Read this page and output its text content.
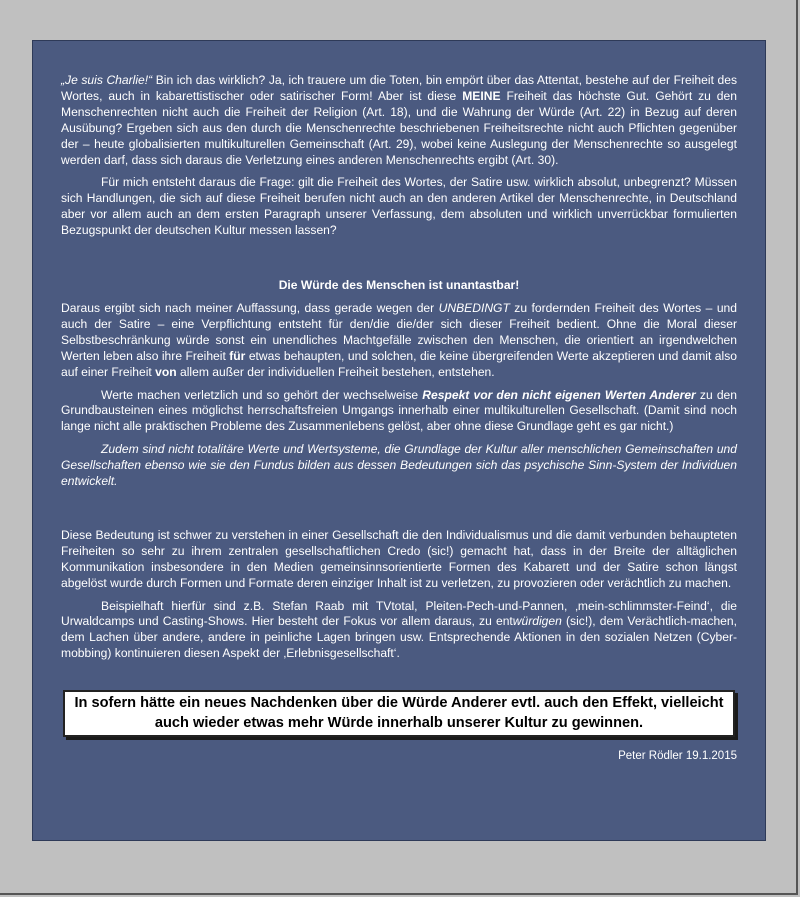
„Je suis Charlie!“ Bin ich das wirklich? Ja, ich trauere um die Toten, bin empört über das Attentat, bestehe auf der Freiheit des Wortes, auch in kabarettistischer oder satirischer Form! Aber ist diese MEINE Freiheit das höchste Gut. Gehört zu den Menschenrechten nicht auch die Freiheit der Religion (Art. 18), und die Wahrung der Würde (Art. 22) in Bezug auf deren Ausübung? Ergeben sich aus den durch die Menschenrechte beschriebenen Freiheitsrechte nicht auch Pflichten gegenüber der – heute globalisierten multikulturellen Gemeinschaft (Art. 29), wobei keine Auslegung der Menschenrechte so ausgelegt werden darf, dass sich daraus die Verletzung eines anderen Menschenrechts ergibt (Art. 30).

Für mich entsteht daraus die Frage: gilt die Freiheit des Wortes, der Satire usw. wirklich absolut, unbegrenzt? Müssen sich Handlungen, die sich auf diese Freiheit berufen nicht auch an den anderen Artikel der Menschenrechte, in Deutschland aber vor allem auch an dem ersten Paragraph unserer Verfassung, dem absoluten und wirklich unverrückbar formulierten Bezugspunkt der deutschen Kultur messen lassen?

Die Würde des Menschen ist unantastbar!

Daraus ergibt sich nach meiner Auffassung, dass gerade wegen der UNBEDINGT zu fordernden Freiheit des Wortes – und auch der Satire – eine Verpflichtung entsteht für den/die die/der sich dieser Freiheit bedient. Ohne die Moral dieser Selbstbeschränkung würde sonst ein unendliches Machtgefälle zwischen den Menschen, die orientiert an irgendwelchen Werten leben also ihre Freiheit für etwas behaupten, und solchen, die keine übergreifenden Werte akzeptieren und damit also auf einer Freiheit von allem außer der individuellen Freiheit bestehen, entstehen.

Werte machen verletzlich und so gehört der wechselweise Respekt vor den nicht eigenen Werten Anderer zu den Grundbausteinen eines möglichst herrschaftsfreien Umgangs innerhalb einer multikulturellen Gesellschaft. (Damit sind noch lange nicht alle praktischen Probleme des Zusammenlebens gelöst, aber ohne diese Grundlage geht es gar nicht.)

Zudem sind nicht totalitäre Werte und Wertsysteme, die Grundlage der Kultur aller menschlichen Gemeinschaften und Gesellschaften ebenso wie sie den Fundus bilden aus dessen Bedeutungen sich das psychische Sinn-System der Individuen entwickelt.

Diese Bedeutung ist schwer zu verstehen in einer Gesellschaft die den Individualismus und die damit verbunden behaupteten Freiheiten so sehr zu ihrem zentralen gesellschaftlichen Credo (sic!) gemacht hat, dass in der Breite der alltäglichen Kommunikation insbesondere in den Medien gemeinsinnsorientierte Formen des Kabarett und der Satire schon längst abgelöst wurde durch Formen und Formate deren einziger Inhalt ist zu verletzen, zu provozieren oder verächtlich zu machen.

Beispielhaft hierfür sind z.B. Stefan Raab mit TVtotal, Pleiten-Pech-und-Pannen, ‚mein-schlimmster-Feind‘, die Urwaldcamps und Casting-Shows. Hier besteht der Fokus vor allem daraus, zu entwürdigen (sic!), dem Verächtlich-machen, dem Lachen über andere, andere in peinliche Lagen bringen usw. Entsprechende Aktionen in den sozialen Netzen (Cyber-mobbing) kontinuieren diesen Aspekt der ‚Erlebnisgesellschaft‘.

In sofern hätte ein neues Nachdenken über die Würde Anderer evtl. auch den Effekt, vielleicht auch wieder etwas mehr Würde innerhalb unserer Kultur zu gewinnen.

Peter Rödler 19.1.2015
